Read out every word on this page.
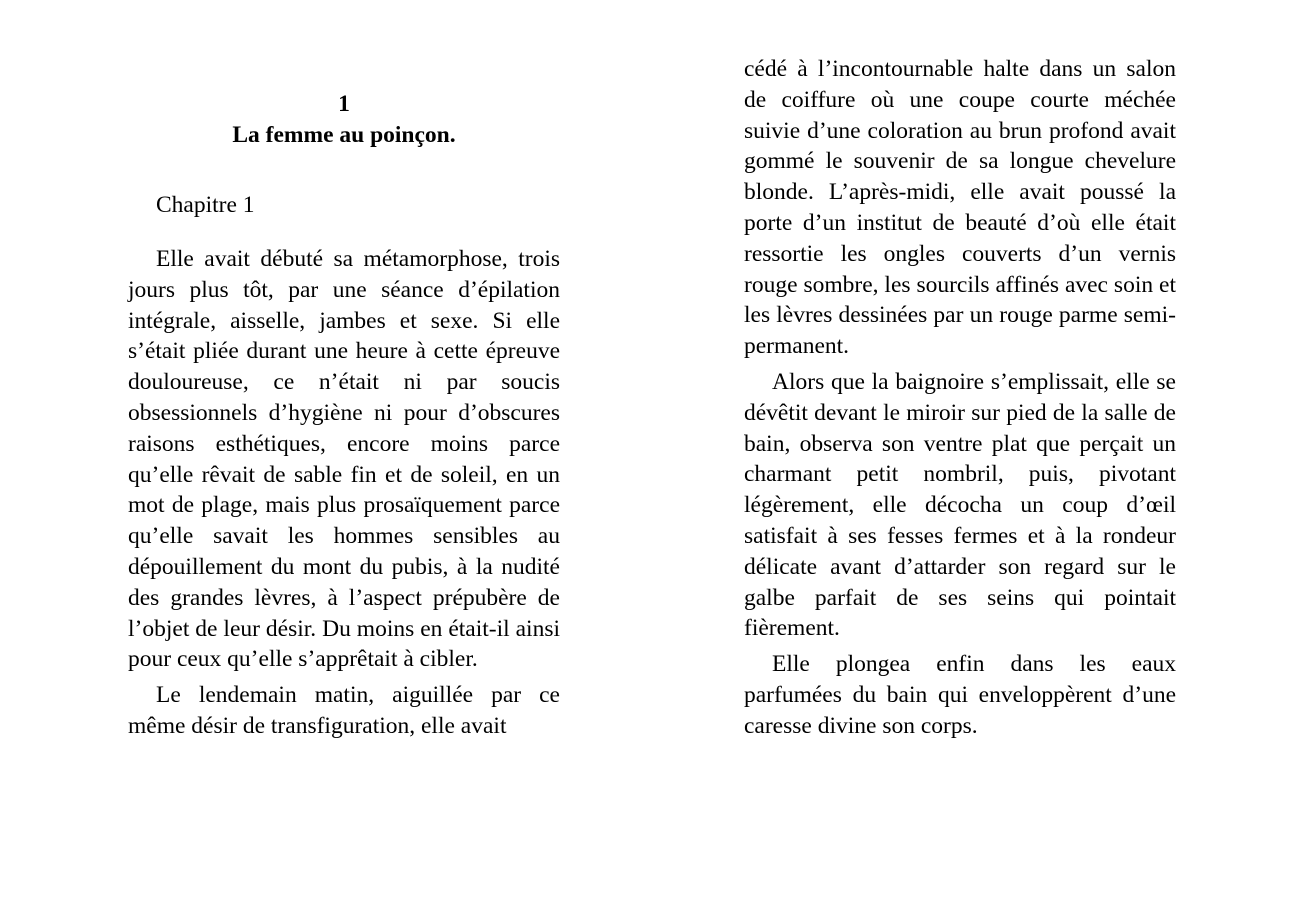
1
La femme au poinçon.
Chapitre 1

Elle avait débuté sa métamorphose, trois jours plus tôt, par une séance d’épilation intégrale, aisselle, jambes et sexe. Si elle s’était pliée durant une heure à cette épreuve douloureuse, ce n’était ni par soucis obsessionnels d’hygiène ni pour d’obscures raisons esthétiques, encore moins parce qu’elle rêvait de sable fin et de soleil, en un mot de plage, mais plus prosaïquement parce qu’elle savait les hommes sensibles au dépouillement du mont du pubis, à la nudité des grandes lèvres, à l’aspect prépubère de l’objet de leur désir. Du moins en était-il ainsi pour ceux qu’elle s’apprêtait à cibler.

Le lendemain matin, aiguillée par ce même désir de transfiguration, elle avait

cédé à l’incontournable halte dans un salon de coiffure où une coupe courte méchée suivie d’une coloration au brun profond avait gommé le souvenir de sa longue chevelure blonde. L’après-midi, elle avait poussé la porte d’un institut de beauté d’où elle était ressortie les ongles couverts d’un vernis rouge sombre, les sourcils affinés avec soin et les lèvres dessinées par un rouge parme semi-permanent.

Alors que la baignoire s’emplissait, elle se dévêtit devant le miroir sur pied de la salle de bain, observa son ventre plat que perçait un charmant petit nombril, puis, pivotant légèrement, elle décocha un coup d’œil satisfait à ses fesses fermes et à la rondeur délicate avant d’attarder son regard sur le galbe parfait de ses seins qui pointait fièrement.

Elle plongea enfin dans les eaux parfumées du bain qui enveloppèrent d’une caresse divine son corps.
